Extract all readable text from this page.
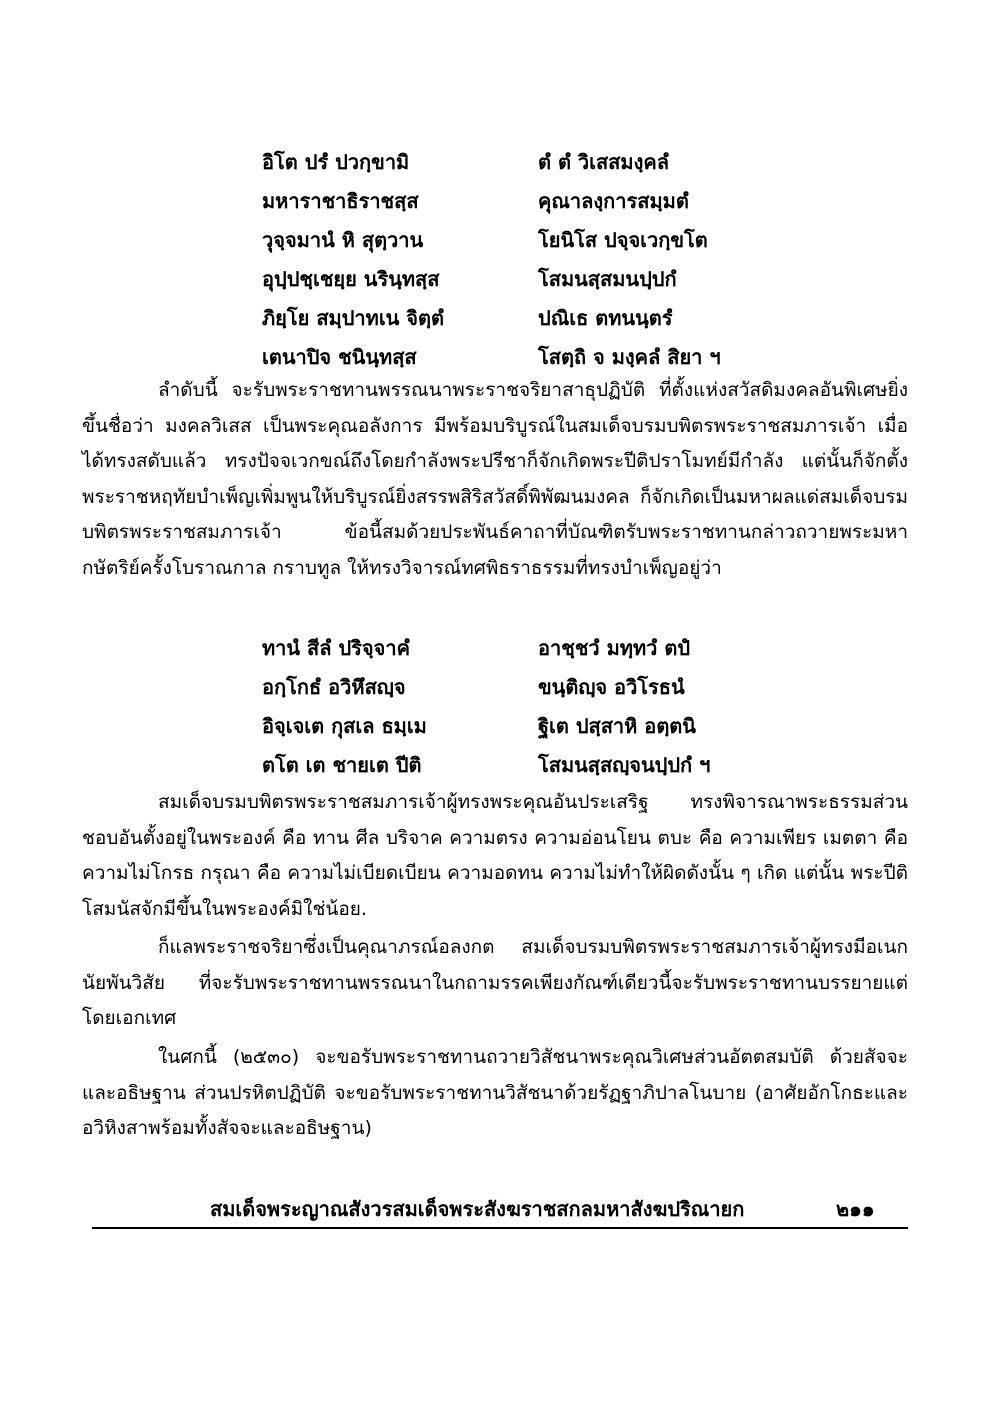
อิโต ปรํ ปวกฺขามิ	ตํ ตํ วิเสสมงฺคลํ
มหาราชาธิราชสฺส	คุณาลงฺการสมฺมตํ
วุจฺจมานํ หิ สุตฺวาน	โยนิโส ปจฺจเวกฺขโต
อุปฺปชฺเชยฺย นรินฺทสฺส	โสมนสฺสมนปฺปกํ
ภิยฺโย สมฺปาทเน จิตฺตํ	ปณิเธ ตทนนฺตรํ
เตนาปิจ ชนินฺทสฺส	โสตฺถิ จ มงฺคลํ สิยา ฯ

ลำดับนี้ จะรับพระราชทานพรรณนาพระราชจริยาสาธุปฏิบัติ ที่ตั้งแห่งสวัสดิมงคลอันพิเศษยิ่งขึ้นชื่อว่า มงคลวิเสส เป็นพระคุณอลังการ มีพร้อมบริบูรณ์ในสมเด็จบรมบพิตรพระราชสมภารเจ้า เมื่อได้ทรงสดับแล้ว ทรงปัจจเวกขณ์ถึงโดยกำลังพระปรีชาก็จักเกิดพระปีติปราโมทย์มีกำลัง แต่นั้นก็จักตั้งพระราชหฤทัยบำเพ็ญเพิ่มพูนให้บริบูรณ์ยิ่งสรรพสิริสวัสดิ์พิพัฒนมงคล ก็จักเกิดเป็นมหาผลแด่สมเด็จบรมบพิตรพระราชสมภารเจ้า ข้อนี้สมด้วยประพันธ์คาถาที่บัณฑิตรับพระราชทานกล่าวถวายพระมหากษัตริย์ครั้งโบราณกาล กราบทูล ให้ทรงวิจารณ์ทศพิธราธรรมที่ทรงบำเพ็ญอยู่ว่า

ทานํ สีลํ ปริจฺจาคํ	อาชฺชวํ มทฺทวํ ตปํ
อกฺโกธํ อวิหึสญฺจ	ขนฺติญฺจ อวิโรธนํ
อิจฺเจเต กุสเล ธมฺเม	ฐิเต ปสฺสาหิ อตฺตนิ
ตโต เต ชายเต ปีติ	โสมนสฺสญฺจนปฺปกํ ฯ

สมเด็จบรมบพิตรพระราชสมภารเจ้าผู้ทรงพระคุณอันประเสริฐ ทรงพิจารณาพระธรรมส่วนชอบอันตั้งอยู่ในพระองค์ คือ ทาน ศีล บริจาค ความตรง ความอ่อนโยน ตบะ คือ ความเพียร เมตตา คือ ความไม่โกรธ กรุณา คือ ความไม่เบียดเบียน ความอดทน ความไม่ทำให้ผิดดังนั้น ๆ เกิด แต่นั้น พระปีติโสมนัสจักมีขึ้นในพระองค์มิใช่น้อย.

ก็แลพระราชจริยาซึ่งเป็นคุณาภรณ์อลงกต สมเด็จบรมบพิตรพระราชสมภารเจ้าผู้ทรงมีอเนกนัยพันวิสัย ที่จะรับพระราชทานพรรณนาในกถามรรคเพียงกัณฑ์เดียวนี้จะรับพระราชทานบรรยายแต่โดยเอกเทศ

ในศกนี้ (๒๕๓๐) จะขอรับพระราชทานถวายวิสัชนาพระคุณวิเศษส่วนอัตตสมบัติ ด้วยสัจจะและอธิษฐาน ส่วนปรหิตปฏิบัติ จะขอรับพระราชทานวิสัชนาด้วยรัฏฐาภิปาลโนบาย (อาศัยอักโกธะและอวิหิงสาพร้อมทั้งสัจจะและอธิษฐาน)

สมเด็จพระญาณสังวรสมเด็จพระสังฆราชสกลมหาสังฆปริณายก	๒๑๑
